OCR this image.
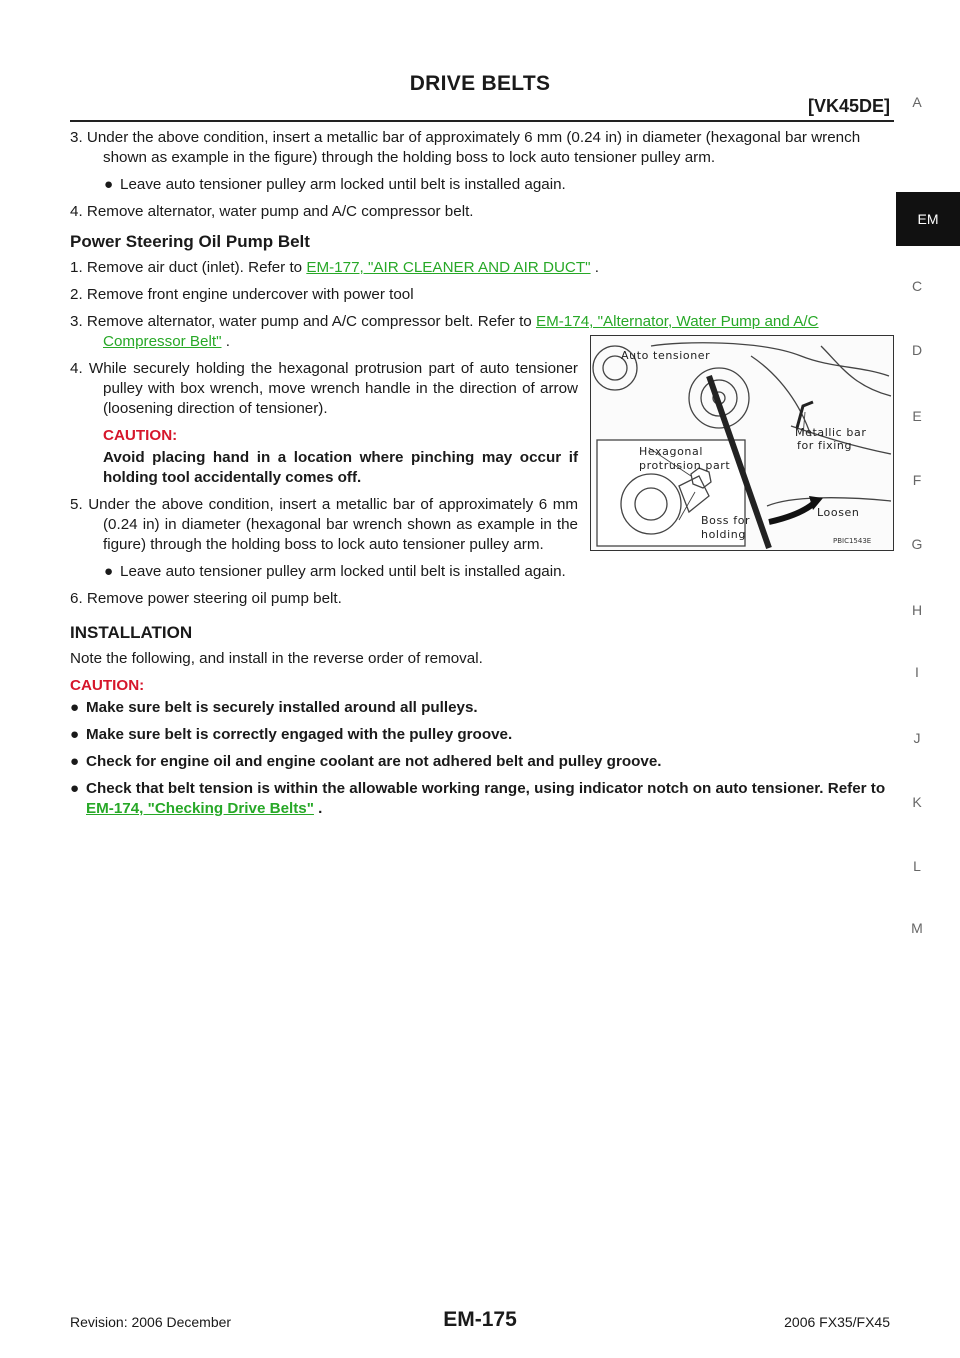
DRIVE BELTS
[VK45DE]

3. Under the above condition, insert a metallic bar of approximately 6 mm (0.24 in) in diameter (hexagonal bar wrench shown as example in the figure) through the holding boss to lock auto tensioner pulley arm.

● Leave auto tensioner pulley arm locked until belt is installed again.

4. Remove alternator, water pump and A/C compressor belt.

Power Steering Oil Pump Belt

1. Remove air duct (inlet). Refer to EM-177, "AIR CLEANER AND AIR DUCT" .

2. Remove front engine undercover with power tool

3. Remove alternator, water pump and A/C compressor belt. Refer to EM-174, "Alternator, Water Pump and A/C Compressor Belt" .

4. While securely holding the hexagonal protrusion part of auto tensioner pulley with box wrench, move wrench handle in the direction of arrow (loosening direction of tensioner).

CAUTION:

Avoid placing hand in a location where pinching may occur if holding tool accidentally comes off.

5. Under the above condition, insert a metallic bar of approximately 6 mm (0.24 in) in diameter (hexagonal bar wrench shown as example in the figure) through the holding boss to lock auto tensioner pulley arm.

● Leave auto tensioner pulley arm locked until belt is installed again.

6. Remove power steering oil pump belt.

INSTALLATION

Note the following, and install in the reverse order of removal.

CAUTION:
● Make sure belt is securely installed around all pulleys.
● Make sure belt is correctly engaged with the pulley groove.
● Check for engine oil and engine coolant are not adhered belt and pulley groove.
● Check that belt tension is within the allowable working range, using indicator notch on auto tensioner. Refer to EM-174, "Checking Drive Belts" .
Auto tensioner
Metallic bar
for fixing
Hexagonal
protrusion part
Boss for
holding
Loosen
PBIC1543E
EM
A
C
D
E
F
G
H
I
J
K
L
M
Revision: 2006 December	EM-175	2006 FX35/FX45
